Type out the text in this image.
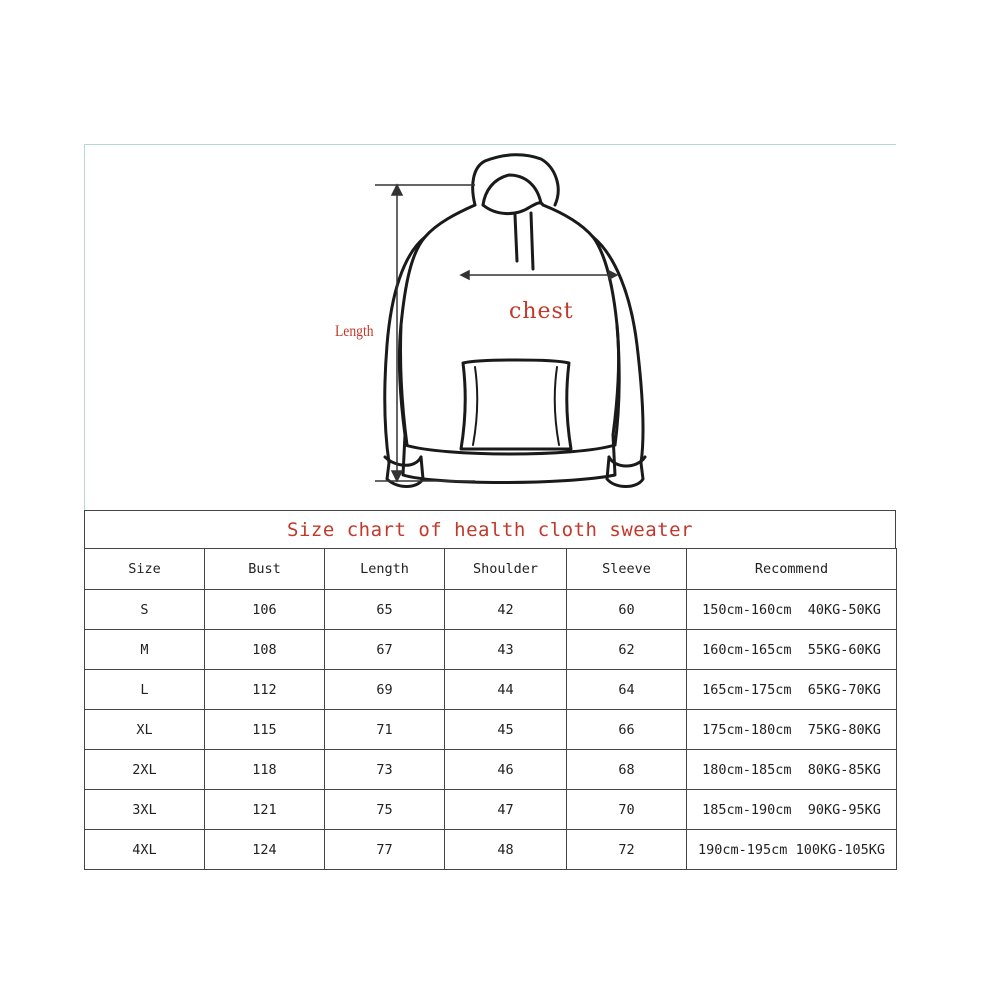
chest
Length
Size chart of health cloth sweater
Size	Bust	Length	Shoulder	Sleeve	Recommend
S	106	65	42	60	150cm-160cm  40KG-50KG
M	108	67	43	62	160cm-165cm  55KG-60KG
L	112	69	44	64	165cm-175cm  65KG-70KG
XL	115	71	45	66	175cm-180cm  75KG-80KG
2XL	118	73	46	68	180cm-185cm  80KG-85KG
3XL	121	75	47	70	185cm-190cm  90KG-95KG
4XL	124	77	48	72	190cm-195cm 100KG-105KG
